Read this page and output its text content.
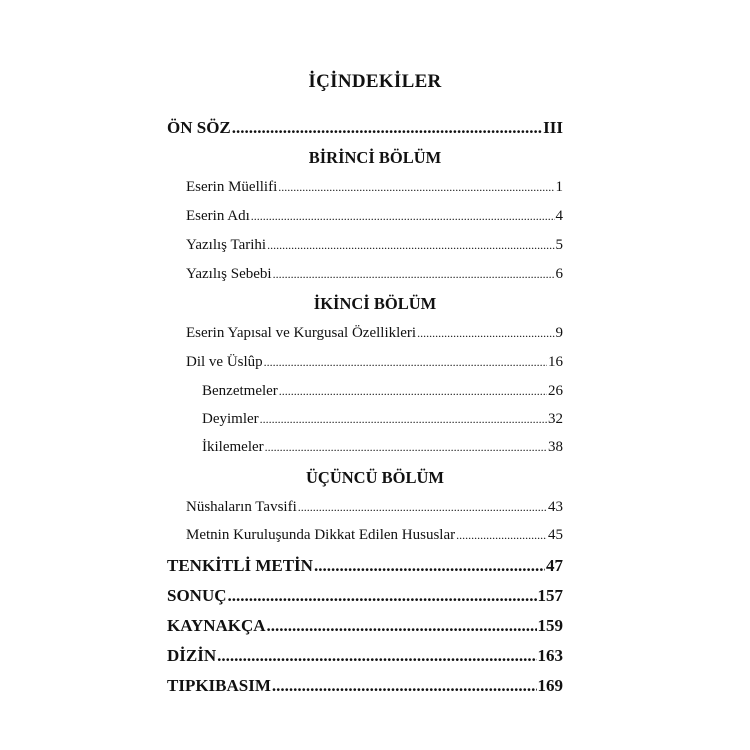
İÇİNDEKİLER
ÖN SÖZ .....	III
BİRİNCİ BÖLÜM
Eserin Müellifi .....	1
Eserin Adı .....	4
Yazılış Tarihi .....	5
Yazılış Sebebi .....	6
İKİNCİ BÖLÜM
Eserin Yapısal ve Kurgusal Özellikleri .....	9
Dil ve Üslûp .....	16
Benzetmeler .....	26
Deyimler .....	32
İkilemeler .....	38
ÜÇÜNCÜ BÖLÜM
Nüshaların Tavsifi .....	43
Metnin Kuruluşunda Dikkat Edilen Hususlar .....	45
TENKİTLİ METİN .....	47
SONUÇ .....	157
KAYNAKÇA .....	159
DİZİN .....	163
TIPKIBASIM .....	169
